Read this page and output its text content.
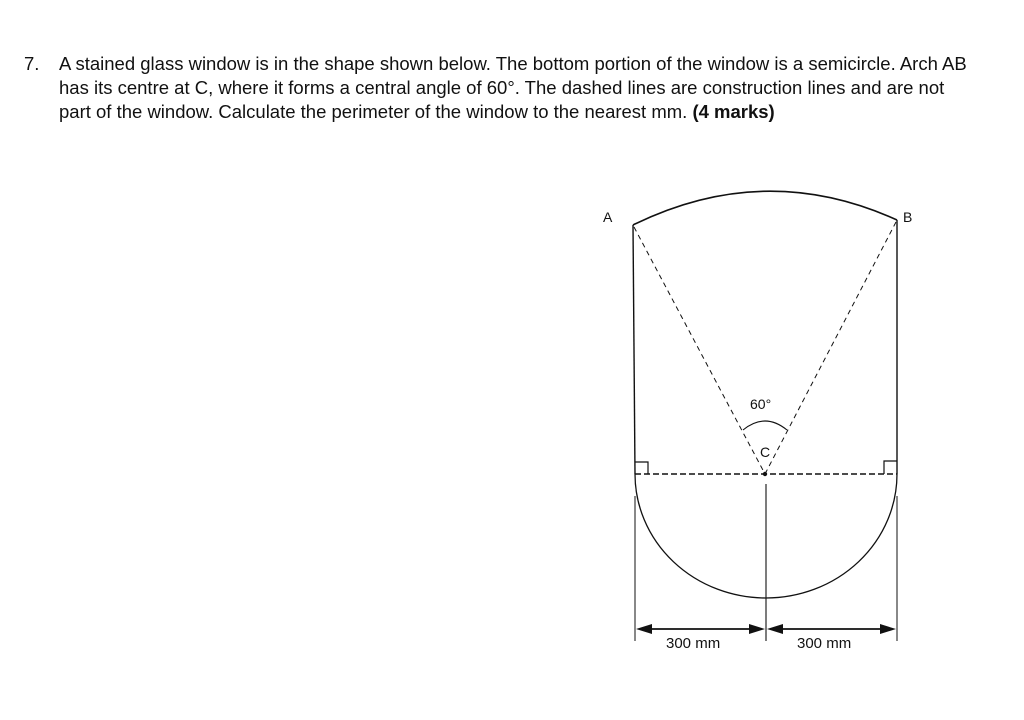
7. A stained glass window is in the shape shown below. The bottom portion of the window is a semicircle. Arch AB has its centre at C, where it forms a central angle of 60°. The dashed lines are construction lines and are not part of the window. Calculate the perimeter of the window to the nearest mm. (4 marks)
A	B
C
60°
300 mm	300 mm
